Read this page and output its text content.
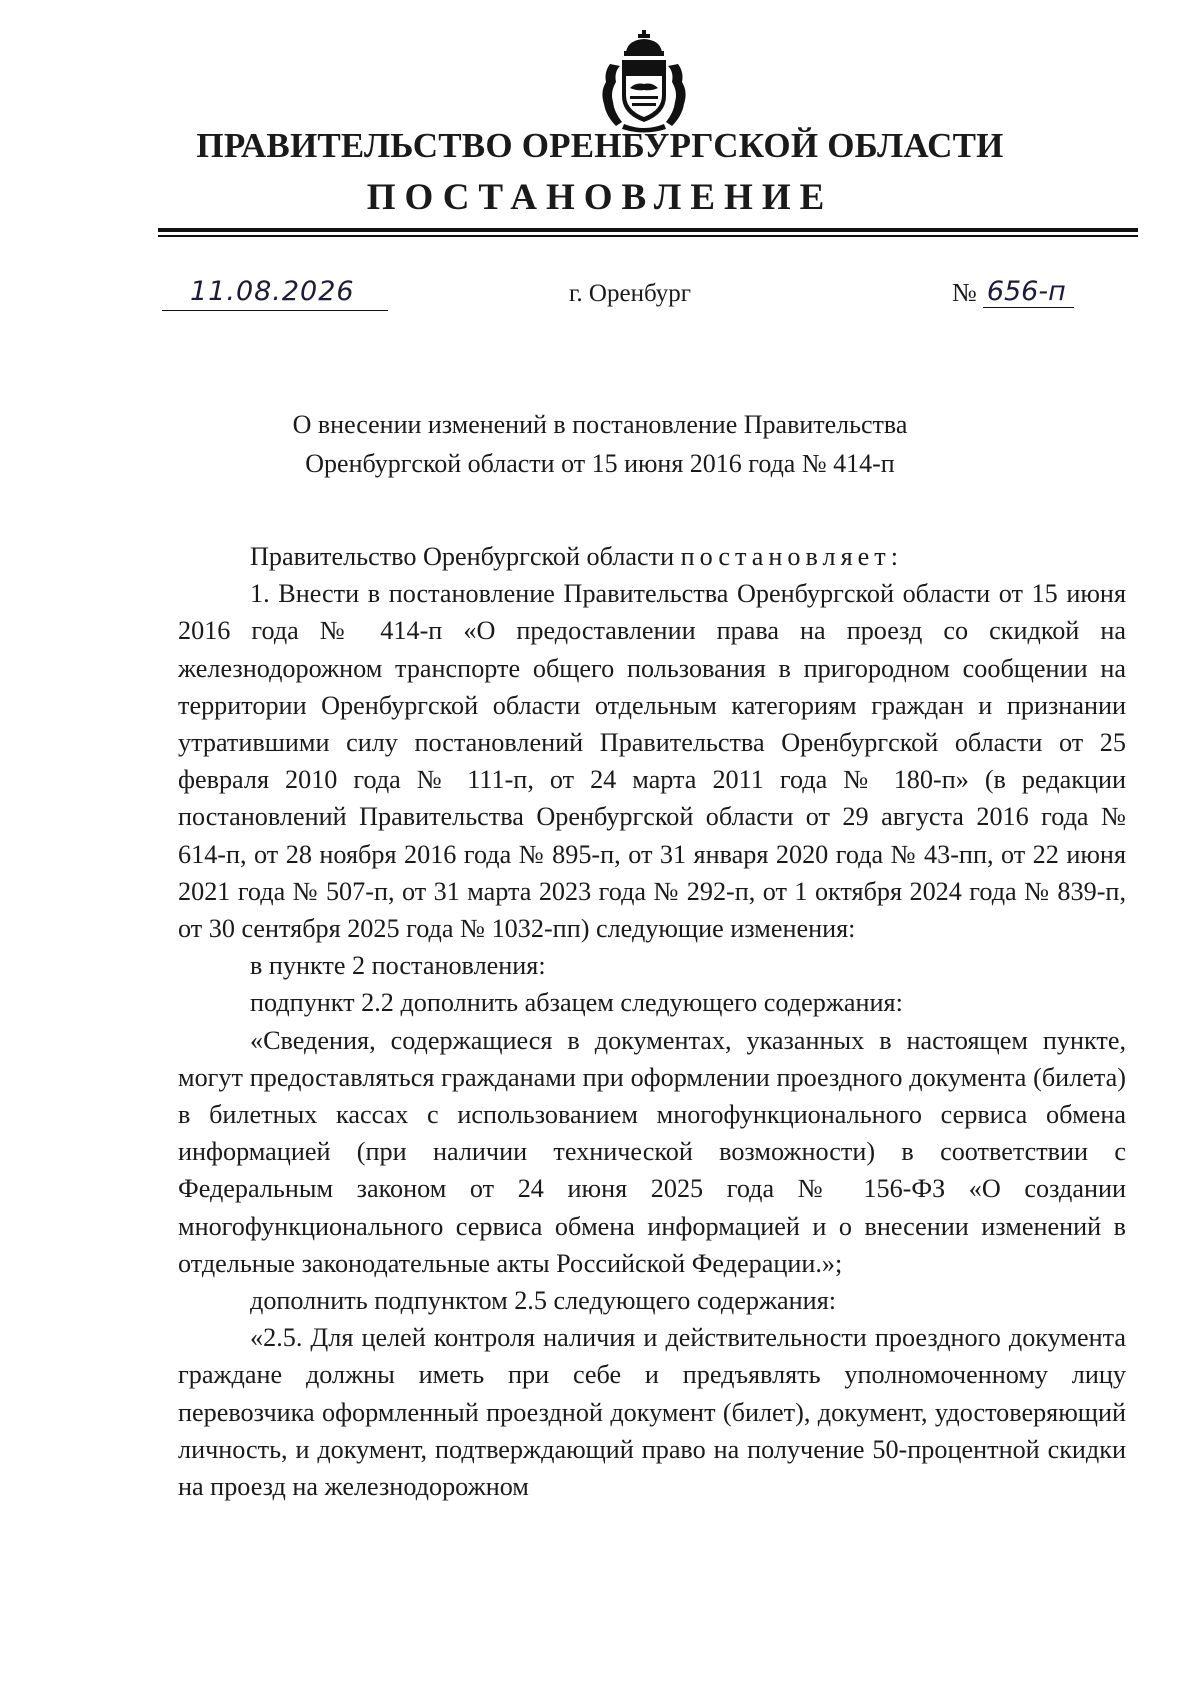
ПРАВИТЕЛЬСТВО ОРЕНБУРГСКОЙ ОБЛАСТИ
ПОСТАНОВЛЕНИЕ
11.08.2026	г. Оренбург	№ 656-п
О внесении изменений в постановление Правительства
Оренбургской области от 15 июня 2016 года № 414-п

Правительство Оренбургской области постановляет:

1. Внести в постановление Правительства Оренбургской области от 15 июня 2016 года № 414-п «О предоставлении права на проезд со скидкой на железнодорожном транспорте общего пользования в пригородном сообщении на территории Оренбургской области отдельным категориям граждан и признании утратившими силу постановлений Правительства Оренбургской области от 25 февраля 2010 года № 111-п, от 24 марта 2011 года № 180-п» (в редакции постановлений Правительства Оренбургской области от 29 августа 2016 года № 614-п, от 28 ноября 2016 года № 895-п, от 31 января 2020 года № 43-пп, от 22 июня 2021 года № 507-п, от 31 марта 2023 года № 292-п, от 1 октября 2024 года № 839-п, от 30 сентября 2025 года № 1032-пп) следующие изменения:

в пункте 2 постановления:

подпункт 2.2 дополнить абзацем следующего содержания:

«Сведения, содержащиеся в документах, указанных в настоящем пункте, могут предоставляться гражданами при оформлении проездного документа (билета) в билетных кассах с использованием многофункционального сервиса обмена информацией (при наличии технической возможности) в соответствии с Федеральным законом от 24 июня 2025 года № 156-ФЗ «О создании многофункционального сервиса обмена информацией и о внесении изменений в отдельные законодательные акты Российской Федерации.»;

дополнить подпунктом 2.5 следующего содержания:

«2.5. Для целей контроля наличия и действительности проездного документа граждане должны иметь при себе и предъявлять уполномоченному лицу перевозчика оформленный проездной документ (билет), документ, удостоверяющий личность, и документ, подтверждающий право на получение 50-процентной скидки на проезд на железнодорожном
